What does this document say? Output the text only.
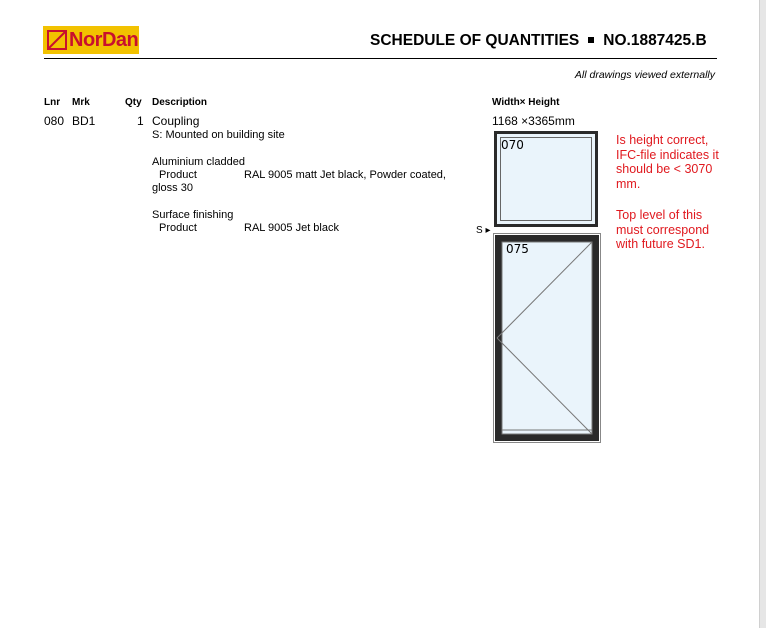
NorDan	SCHEDULE OF QUANTITIES NO.1887425.B
All drawings viewed externally
Lnr Mrk	Qty Description	Width× Height
080 BD1	1 Coupling
S: Mounted on building site
Aluminium cladded
Product	RAL 9005 matt Jet black, Powder coated,
gloss 30
Surface finishing
Product	RAL 9005 Jet black
1168 ×3365mm
070
S ▸
075
Is height correct,
IFC-file indicates it
should be < 3070
mm.
Top level of this
must correspond
with future SD1.
